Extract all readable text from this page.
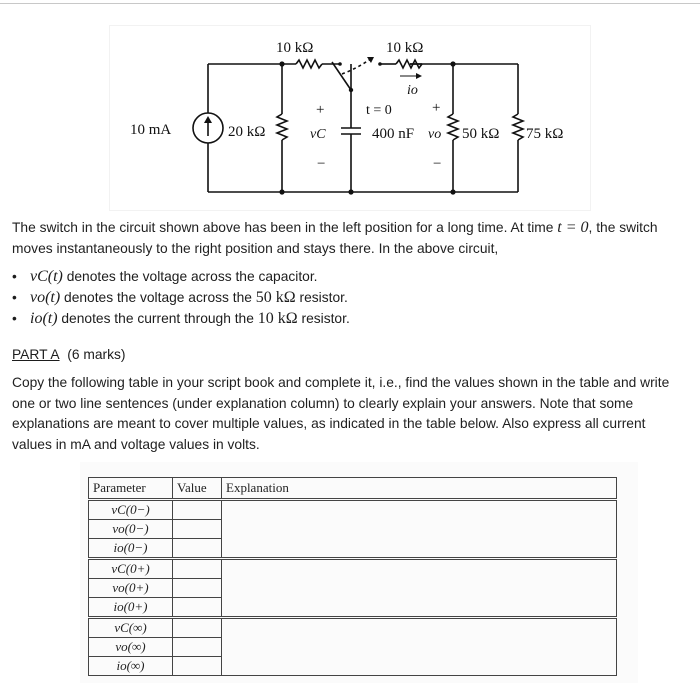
10 mA	20 kΩ
10 kΩ	10 kΩ
t = 0
+
vC
−
400 nF
io
+
vo
−
50 kΩ 75 kΩ

The switch in the circuit shown above has been in the left position for a long time. At time t = 0, the switch moves instantaneously to the right position and stays there. In the above circuit,

• vC(t) denotes the voltage across the capacitor.
• vo(t) denotes the voltage across the 50 kΩ resistor.
• io(t) denotes the current through the 10 kΩ resistor.
PART A (6 marks)

Copy the following table in your script book and complete it, i.e., find the values shown in the table and write one or two line sentences (under explanation column) to clearly explain your answers. Note that some explanations are meant to cover multiple values, as indicated in the table below. Also express all current values in mA and voltage values in volts.

Parameter	Value	Explanation
vC(0−)		
vo(0−)		
io(0−)		
vC(0+)		
vo(0+)		
io(0+)		
vC(∞)		
vo(∞)		
io(∞)		
